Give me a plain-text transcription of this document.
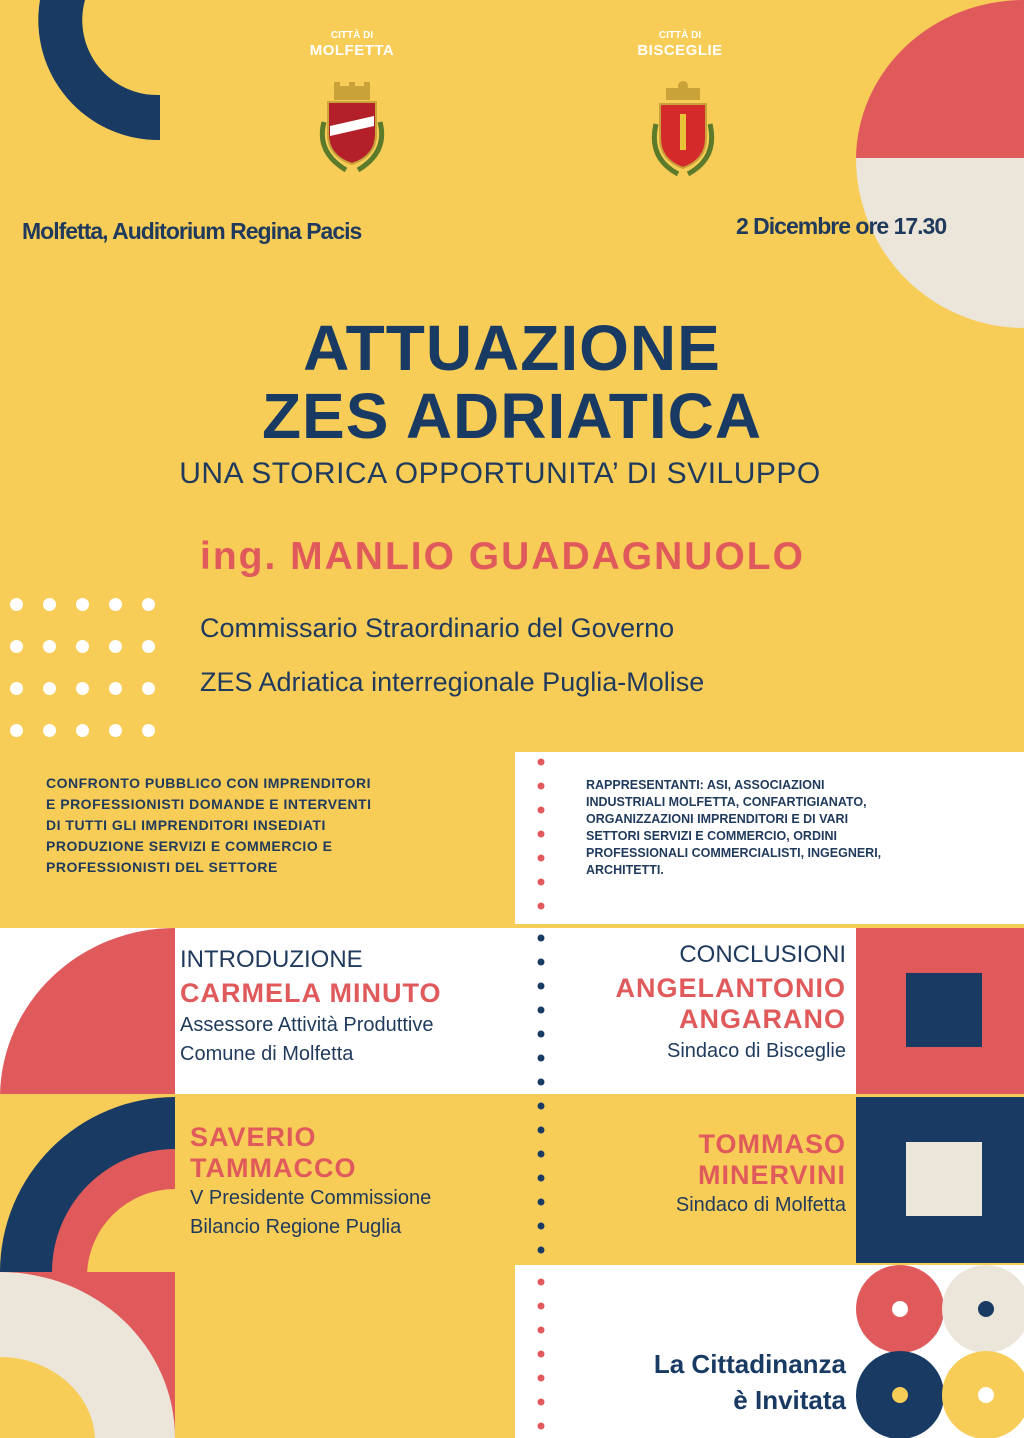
CITTÀ DI
MOLFETTA
CITTÀ DI
BISCEGLIE
Molfetta, Auditorium Regina Pacis	2 Dicembre ore 17.30
ATTUAZIONE
ZES ADRIATICA
UNA STORICA OPPORTUNITA’ DI SVILUPPO
ing. MANLIO GUADAGNUOLO
Commissario Straordinario del Governo
ZES Adriatica interregionale Puglia-Molise
CONFRONTO PUBBLICO CON IMPRENDITORI
E PROFESSIONISTI DOMANDE E INTERVENTI
DI TUTTI GLI IMPRENDITORI INSEDIATI
PRODUZIONE SERVIZI E COMMERCIO E
PROFESSIONISTI DEL SETTORE
RAPPRESENTANTI: ASI, ASSOCIAZIONI
INDUSTRIALI MOLFETTA, CONFARTIGIANATO,
ORGANIZZAZIONI IMPRENDITORI E DI VARI
SETTORI SERVIZI E COMMERCIO, ORDINI
PROFESSIONALI COMMERCIALISTI, INGEGNERI,
ARCHITETTI.
INTRODUZIONE
CARMELA MINUTO
Assessore Attività Produttive
Comune di Molfetta
CONCLUSIONI
ANGELANTONIO
ANGARANO
Sindaco di Bisceglie
SAVERIO
TAMMACCO
V Presidente Commissione
Bilancio Regione Puglia
TOMMASO
MINERVINI
Sindaco di Molfetta
La Cittadinanza
è Invitata
